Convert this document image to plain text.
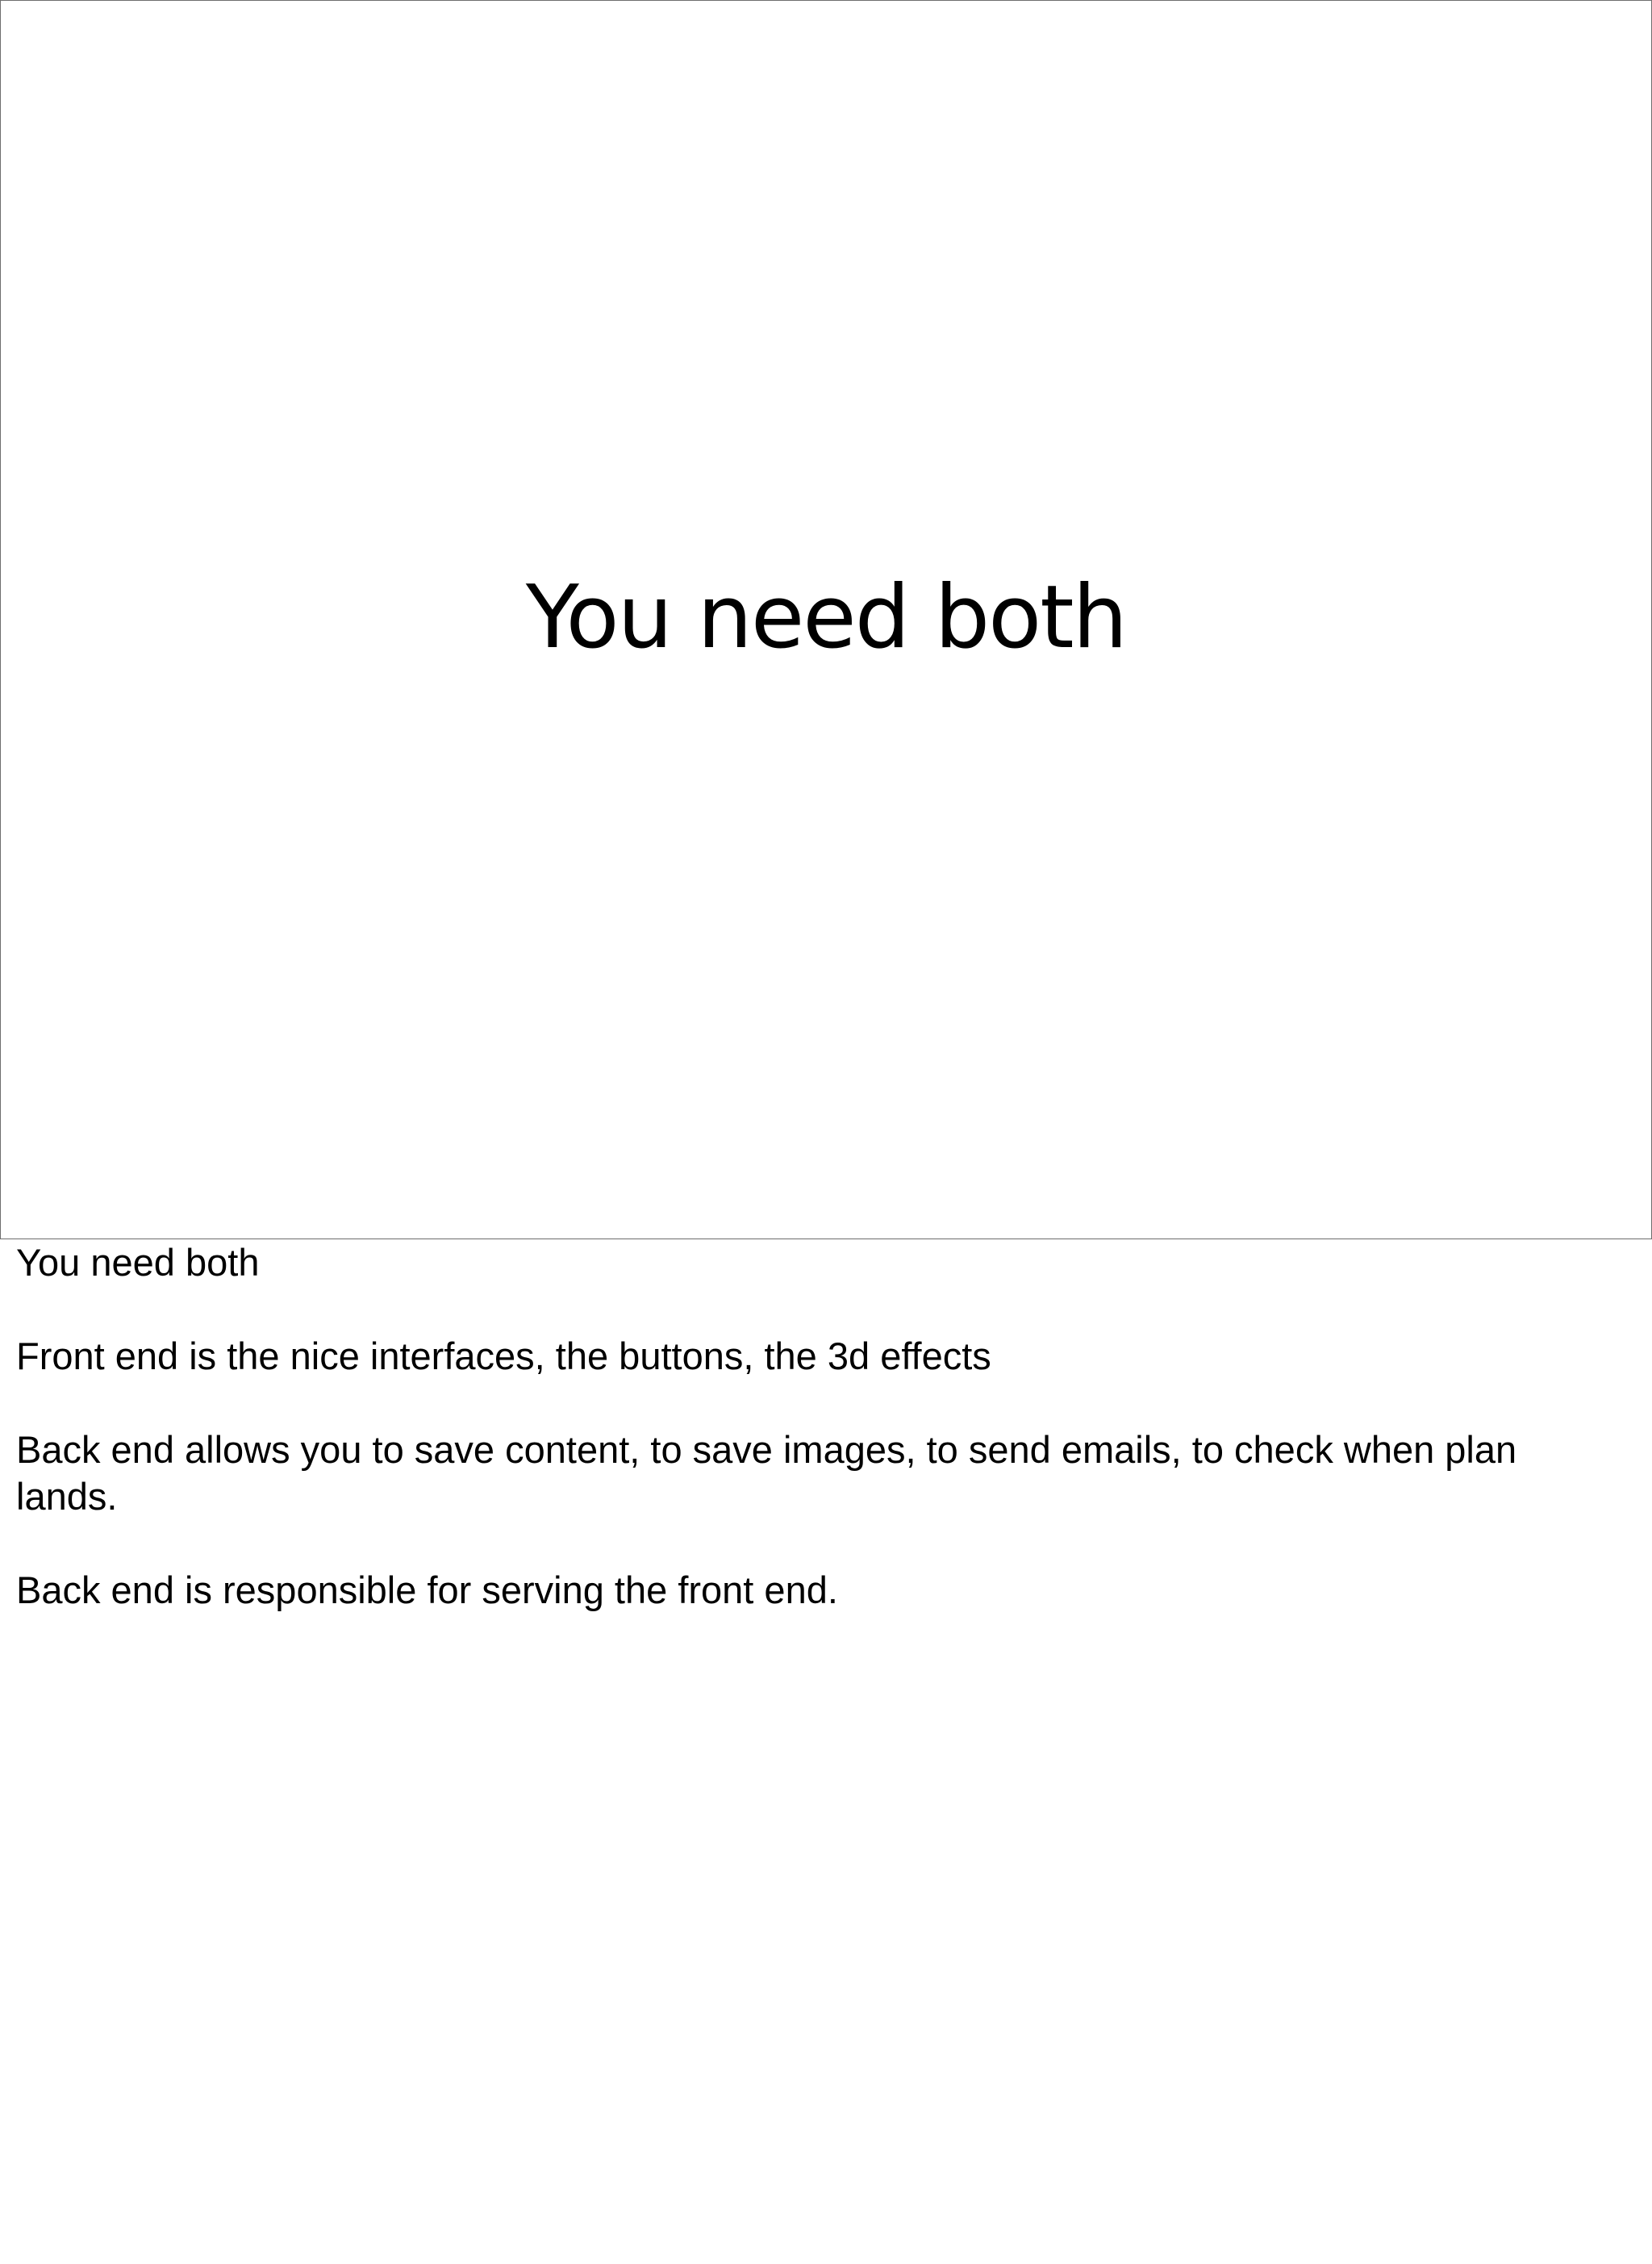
You need both

You need both

Front end is the nice interfaces, the buttons, the 3d effects

Back end allows you to save content, to save images, to send emails, to check when plan lands.

Back end is responsible for serving the front end.
